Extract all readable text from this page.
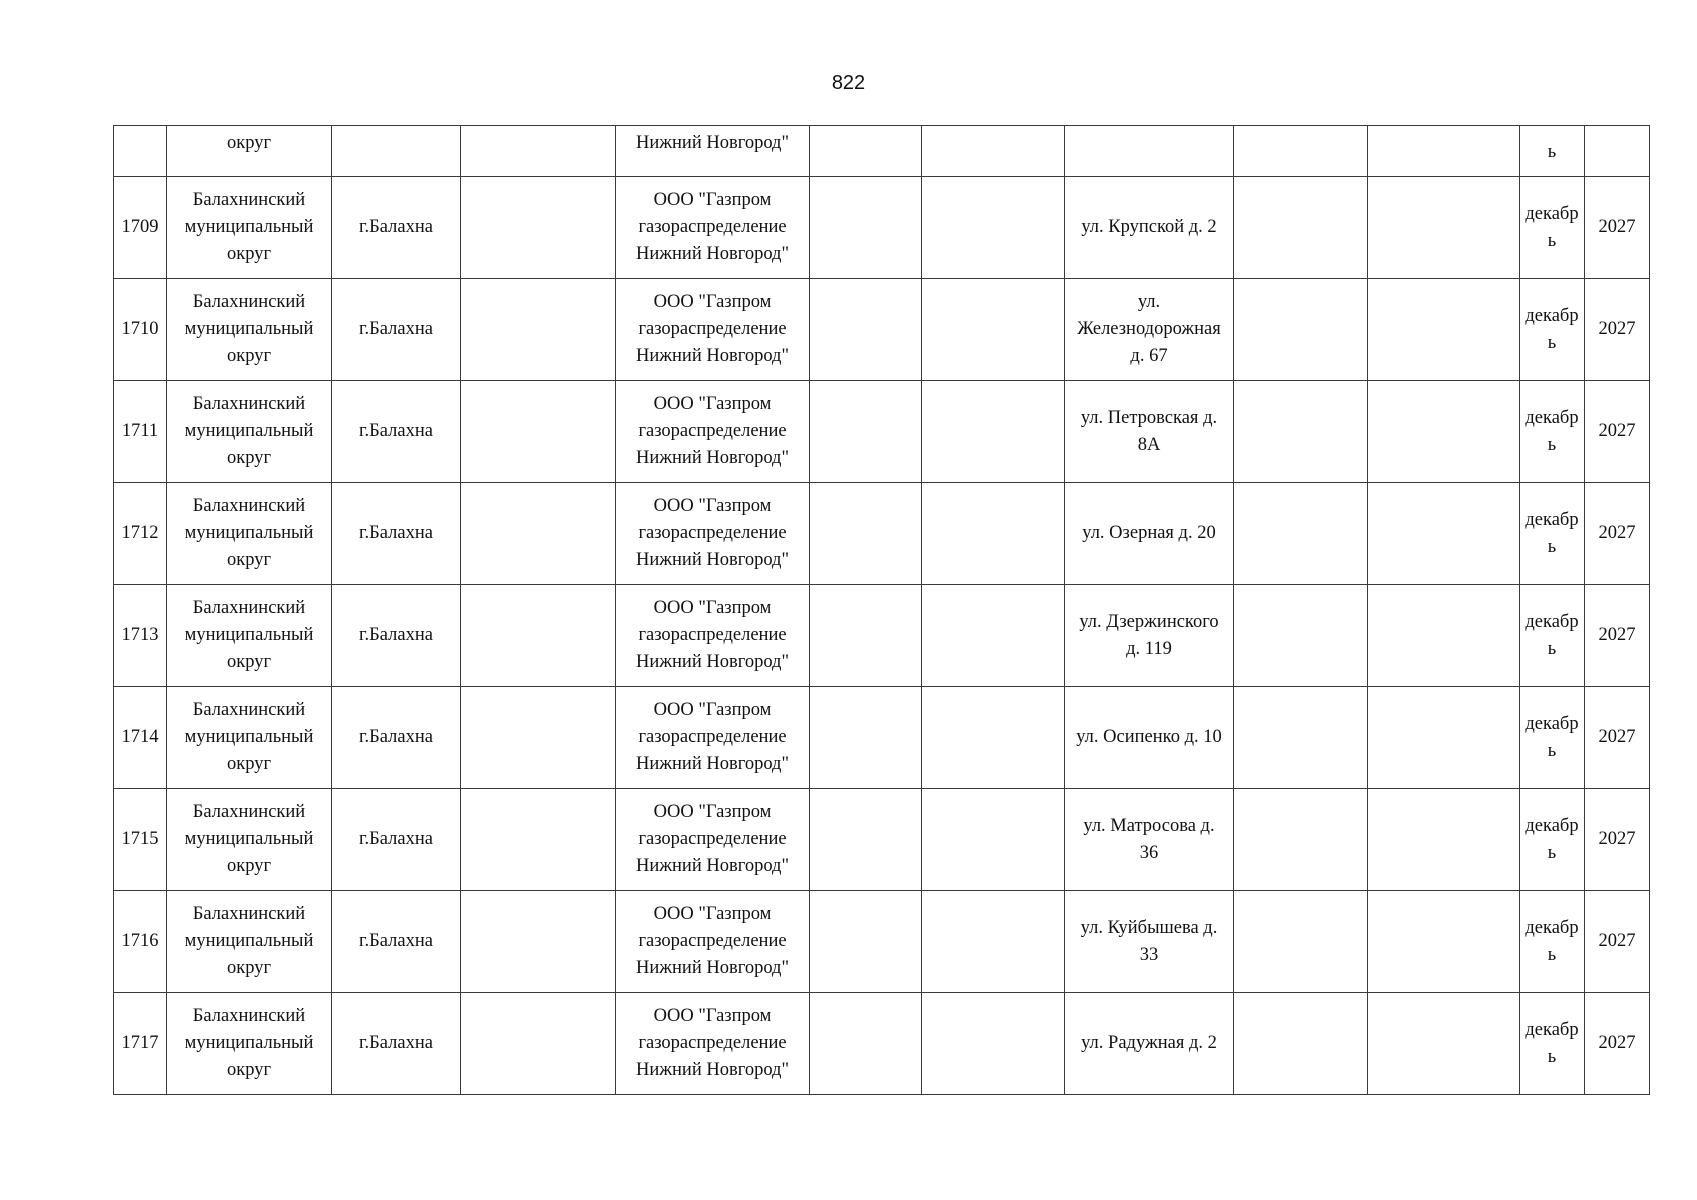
822

	округ			Нижний Новгород"						ь	

1709	Балахнинский
муниципальный
округ	г.Балахна		ООО "Газпром
газораспределение
Нижний Новгород"			ул. Крупской д. 2			декабр
ь	2027
1710	Балахнинский
муниципальный
округ	г.Балахна		ООО "Газпром
газораспределение
Нижний Новгород"			ул.
Железнодорожная
д. 67			декабр
ь	2027
1711	Балахнинский
муниципальный
округ	г.Балахна		ООО "Газпром
газораспределение
Нижний Новгород"			ул. Петровская д.
8А			декабр
ь	2027
1712	Балахнинский
муниципальный
округ	г.Балахна		ООО "Газпром
газораспределение
Нижний Новгород"			ул. Озерная д. 20			декабр
ь	2027
1713	Балахнинский
муниципальный
округ	г.Балахна		ООО "Газпром
газораспределение
Нижний Новгород"			ул. Дзержинского
д. 119			декабр
ь	2027
1714	Балахнинский
муниципальный
округ	г.Балахна		ООО "Газпром
газораспределение
Нижний Новгород"			ул. Осипенко д. 10			декабр
ь	2027
1715	Балахнинский
муниципальный
округ	г.Балахна		ООО "Газпром
газораспределение
Нижний Новгород"			ул. Матросова д.
36			декабр
ь	2027
1716	Балахнинский
муниципальный
округ	г.Балахна		ООО "Газпром
газораспределение
Нижний Новгород"			ул. Куйбышева д.
33			декабр
ь	2027
1717	Балахнинский
муниципальный
округ	г.Балахна		ООО "Газпром
газораспределение
Нижний Новгород"			ул. Радужная д. 2			декабр
ь	2027
